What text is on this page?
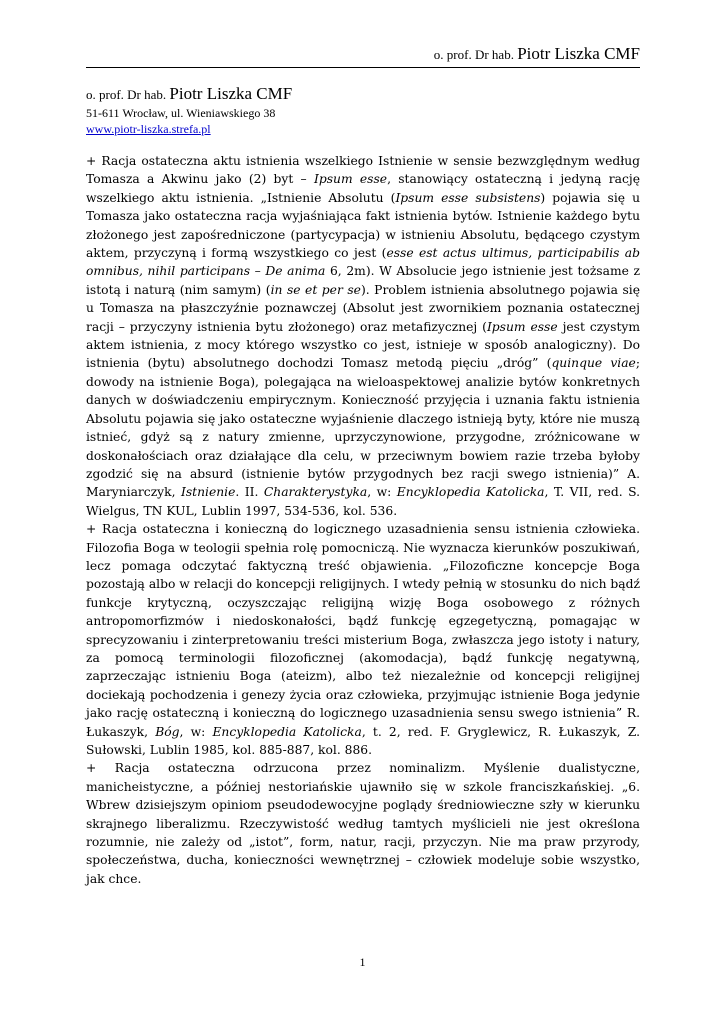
o. prof. Dr hab. Piotr Liszka CMF
o. prof. Dr hab. Piotr Liszka CMF
51-611 Wrocław, ul. Wieniawskiego 38
www.piotr-liszka.strefa.pl

+ Racja ostateczna aktu istnienia wszelkiego Istnienie w sensie bezwzględnym według Tomasza a Akwinu jako (2) byt – Ipsum esse, stanowiący ostateczną i jedyną rację wszelkiego aktu istnienia. „Istnienie Absolutu (Ipsum esse subsistens) pojawia się u Tomasza jako ostateczna racja wyjaśniająca fakt istnienia bytów. Istnienie każdego bytu złożonego jest zapośredniczone (partycypacja) w istnieniu Absolutu, będącego czystym aktem, przyczyną i formą wszystkiego co jest (esse est actus ultimus, participabilis ab omnibus, nihil participans – De anima 6, 2m). W Absolucie jego istnienie jest tożsame z istotą i naturą (nim samym) (in se et per se). Problem istnienia absolutnego pojawia się u Tomasza na płaszczyźnie poznawczej (Absolut jest zwornikiem poznania ostatecznej racji – przyczyny istnienia bytu złożonego) oraz metafizycznej (Ipsum esse jest czystym aktem istnienia, z mocy którego wszystko co jest, istnieje w sposób analogiczny). Do istnienia (bytu) absolutnego dochodzi Tomasz metodą pięciu „dróg” (quinque viae; dowody na istnienie Boga), polegająca na wieloaspektowej analizie bytów konkretnych danych w doświadczeniu empirycznym. Konieczność przyjęcia i uznania faktu istnienia Absolutu pojawia się jako ostateczne wyjaśnienie dlaczego istnieją byty, które nie muszą istnieć, gdyż są z natury zmienne, uprzyczynowione, przygodne, zróżnicowane w doskonałościach oraz działające dla celu, w przeciwnym bowiem razie trzeba byłoby zgodzić się na absurd (istnienie bytów przygodnych bez racji swego istnienia)” A. Maryniarczyk, Istnienie. II. Charakterystyka, w: Encyklopedia Katolicka, T. VII, red. S. Wielgus, TN KUL, Lublin 1997, 534-536, kol. 536.

+ Racja ostateczna i konieczną do logicznego uzasadnienia sensu istnienia człowieka. Filozofia Boga w teologii spełnia rolę pomocniczą. Nie wyznacza kierunków poszukiwań, lecz pomaga odczytać faktyczną treść objawienia. „Filozoficzne koncepcje Boga pozostają albo w relacji do koncepcji religijnych. I wtedy pełnią w stosunku do nich bądź funkcje krytyczną, oczyszczając religijną wizję Boga osobowego z różnych antropomorfizmów i niedoskonałości, bądź funkcję egzegetyczną, pomagając w sprecyzowaniu i zinterpretowaniu treści misterium Boga, zwłaszcza jego istoty i natury, za pomocą terminologii filozoficznej (akomodacja), bądź funkcję negatywną, zaprzeczając istnieniu Boga (ateizm), albo też niezależnie od koncepcji religijnej dociekają pochodzenia i genezy życia oraz człowieka, przyjmując istnienie Boga jedynie jako rację ostateczną i konieczną do logicznego uzasadnienia sensu swego istnienia” R. Łukaszyk, Bóg, w: Encyklopedia Katolicka, t. 2, red. F. Gryglewicz, R. Łukaszyk, Z. Sułowski, Lublin 1985, kol. 885-887, kol. 886.

+ Racja ostateczna odrzucona przez nominalizm. Myślenie dualistyczne, manicheistyczne, a później nestoriańskie ujawniło się w szkole franciszkańskiej. „6. Wbrew dzisiejszym opiniom pseudodewocyjne poglądy średniowieczne szły w kierunku skrajnego liberalizmu. Rzeczywistość według tamtych myślicieli nie jest określona rozumnie, nie zależy od „istot”, form, natur, racji, przyczyn. Nie ma praw przyrody, społeczeństwa, ducha, konieczności wewnętrznej – człowiek modeluje sobie wszystko, jak chce.

1
